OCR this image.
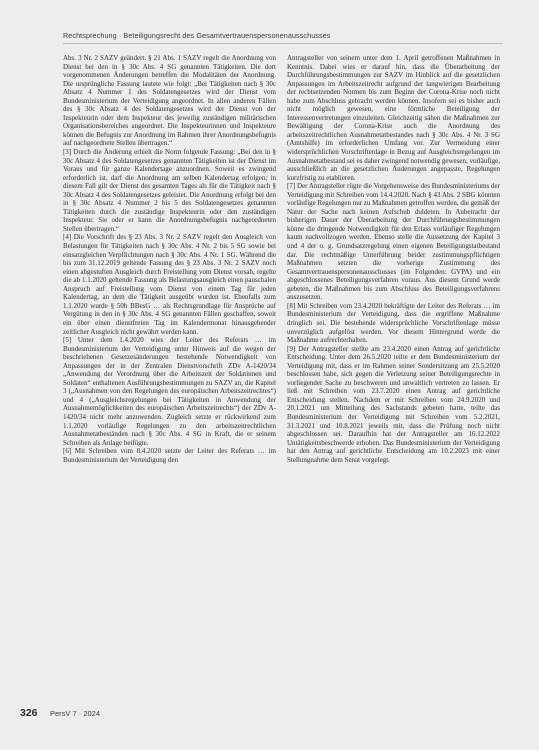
Rechtsprechung · Beteiligungsrecht des Gesamtvertrauenspersonenausschusses

Abs. 3 Nr. 2 SAZV geändert. § 21 Abs. 1 SAZV regelt die Anordnung von Dienst bei den in § 30c Abs. 4 SG genannten Tätigkeiten. Die dort vorgenommenen Änderungen betreffen die Modalitäten der Anordnung. Die ursprüngliche Fassung lautete wie folgt: „Bei Tätigkeiten nach § 30c Absatz 4 Nummer 1 des Soldatengesetzes wird der Dienst vom Bundesministerium der Verteidigung angeordnet. In allen anderen Fällen des § 30c Absatz 4 des Soldatengesetzes wird der Dienst von der Inspekteurin oder dem Inspekteur des jeweilig zuständigen militärischen Organisationsbereiches angeordnet. Die Inspekteurinnen und Inspekteure können die Befugnis zur Anordnung im Rahmen ihrer Anordnungsbefugnis auf nachgeordnete Stellen übertragen.“

[3] Durch die Änderung erhielt die Norm folgende Fassung: „Bei den in § 30c Absatz 4 des Soldatengesetzes genannten Tätigkeiten ist der Dienst im Voraus und für ganze Kalendertage anzuordnen. Soweit es zwingend erforderlich ist, darf die Anordnung am selben Kalendertag erfolgen; in diesem Fall gilt der Dienst des gesamten Tages als für die Tätigkeit nach § 30c Absatz 4 des Soldatengesetzes geleistet. Die Anordnung erfolgt bei den in § 30c Absatz 4 Nummer 2 bis 5 des Soldatengesetzes genannten Tätigkeiten durch die zuständige Inspekteurin oder den zuständigen Inspekteur. Sie oder er kann die Anordnungsbefugnis nachgeordneten Stellen übertragen.“

[4] Die Vorschrift des § 23 Abs. 3 Nr. 2 SAZV regelt den Ausgleich von Belastungen für Tätigkeiten nach § 30c Abs. 4 Nr. 2 bis 5 SG sowie bei einsatzgleichen Verpflichtungen nach § 30c Abs. 4 Nr. 1 SG. Während die bis zum 31.12.2019 geltende Fassung des § 23 Abs. 3 Nr. 2 SAZV noch einen abgestuften Ausgleich durch Freistellung vom Dienst vorsah, regelte die ab 1.1.2020 geltende Fassung als Belastungsausgleich einen pauschalen Anspruch auf Freistellung vom Dienst von einem Tag für jeden Kalendertag, an dem die Tätigkeit ausgeübt wurden ist. Ebenfalls zum 1.1.2020 wurde § 50b BBesG … als Rechtsgrundlage für Ansprüche auf Vergütung in den in § 30c Abs. 4 SG genannten Fällen geschaffen, soweit ein über einen dienstfreien Tag im Kalendermonat hinausgehender zeitlicher Ausgleich nicht gewährt werden kann.

[5] Unter dem 1.4.2020 wies der Leiter des Referats … im Bundesministerium der Verteidigung unter Hinweis auf die wegen der beschriebenen Gesetzesänderungen bestehende Notwendigkeit von Anpassungen der in der Zentralen Dienstvorschrift ZDv A-1420/34 „Anwendung der Verordnung über die Arbeitszeit der Soldatinnen und Soldaten“ enthaltenen Ausführungsbestimmungen zu SAZV an, die Kapitel 3 („Ausnahmen von den Regelungen des europäischen Arbeitszeitrechtes“) und 4 („Ausgleichsregelungen bei Tätigkeiten in Anwendung der Ausnahmemöglichkeiten des europäischen Arbeitszeitrechts“) der ZDv A-1420/34 nicht mehr anzuwenden. Zugleich setzte er rückwirkend zum 1.1.2020 vorläufige Regelungen zu den arbeitszeitrechtlichen Ausnahmetatbeständen nach § 30c Abs. 4 SG in Kraft, die er seinem Schreiben als Anlage beifügte.

[6] Mit Schreiben vom 8.4.2020 setzte der Leiter des Referats … im Bundesministerium der Verteidigung den

Antragsteller von seinem unter dem 1. April getroffenen Maßnahmen in Kenntnis. Dabei wies er darauf hin, dass die Überarbeitung der Durchführungsbestimmungen zur SAZV im Hinblick auf die gesetzlichen Anpassungen im Arbeitszeitrecht aufgrund der langwierigen Bearbeitung der rechtsetzenden Normen bis zum Beginn der Corona-Krise noch nicht habe zum Abschluss gebracht werden können. Insofern sei es bisher auch nicht möglich gewesen, eine förmliche Beteiligung der Interessenvertretungen einzuleiten. Gleichzeitig sähen die Maßnahmen zur Bewältigung der Corona-Krise auch die Anordnung des arbeitszeitrechtlichen Ausnahmetatbestandes nach § 30c Abs. 4 Nr. 3 SG (Amtshilfe) im erforderlichen Umfang vor. Zur Vermeidung einer widersprüchlichen Vorschriftenlage in Bezug auf Ausgleichsregelungen im Ausnahmetatbestand sei es daher zwingend notwendig gewesen, vorläufige, ausschließlich an die gesetzlichen Änderungen angepasste, Regelungen kurzfristig zu etablieren.

[7] Der Antragsteller rügte die Vorgehensweise des Bundesministeriums der Verteidigung mit Schreiben vom 14.4.2020. Nach § 43 Abs. 2 SBG könnten vorläufige Regelungen nur zu Maßnahmen getroffen werden, die gemäß der Natur der Sache nach keinen Aufschub duldeten. In Anbetracht der bisherigen Dauer der Überarbeitung der Durchführungsbestimmungen könne die dringende Notwendigkeit für den Erlass vorläufiger Regelungen kaum nachvollzogen werden. Ebenso stelle die Aussetzung der Kapitel 3 und 4 der o. g. Grundsatzregelung einen eigenen Beteiligungstatbestand dar. Die rechtmäßige Unterführung beider zustimmungspflichtigen Maßnahmen setzten die vorherige Zustimmung des Gesamtvertrauenspersonenausschusses (im Folgenden: GVPA) und ein abgeschlossenes Beteiligungsverfahren voraus. Aus diesem Grund werde gebeten, die Maßnahmen bis zum Abschluss des Beteiligungsverfahrens auszusetzen.

[8] Mit Schreiben vom 23.4.2020 bekräftigte der Leiter des Referats … im Bundesministerium der Verteidigung, dass die ergriffene Maßnahme dringlich sei. Die bestehende widersprüchliche Vorschriftenlage müsse unverzüglich aufgelöst werden. Vor diesem Hintergrund werde die Maßnahme aufrechterhalten.

[9] Der Antragsteller stellte am 23.4.2020 einen Antrag auf gerichtliche Entscheidung. Unter dem 26.5.2020 teilte er dem Bundesministerium der Verteidigung mit, dass er im Rahmen seiner Sondersitzung am 25.5.2020 beschlossen habe, sich gegen die Verletzung seiner Beteiligungsrechte in vorliegender Sache zu beschweren und anwaltlich vertreten zu lassen. Er ließ mit Schreiben vom 23.7.2020 einen Antrag auf gerichtliche Entscheidung stellen. Nachdem er mit Schreiben vom 24.9.2020 und 20.1.2021 um Mitteilung des Sachstands gebeten hatte, teilte das Bundesministerium der Verteidigung mit Schreiben vom 5.2.2021, 31.3.2021 und 10.8.2021 jeweils mit, dass die Prüfung noch nicht abgeschlossen sei. Daraufhin hat der Antragsteller am 16.12.2022 Untätigkeitsbeschwerde erhoben. Das Bundesministerium der Verteidigung hat den Antrag auf gerichtliche Entscheidung am 10.2.2023 mit einer Stellungnahme dem Senat vorgelegt.

326 PersV 7 · 2024
